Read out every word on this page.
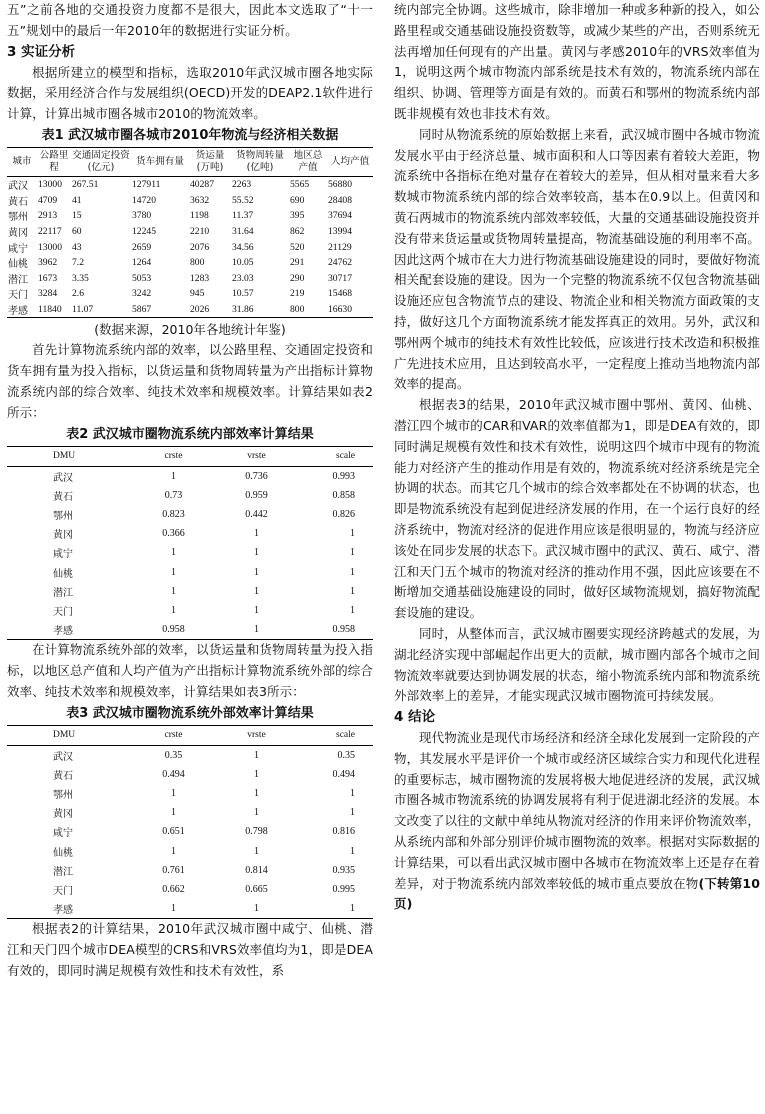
五”之前各地的交通投资力度都不是很大，因此本文选取了“十一五”规划中的最后一年2010年的数据进行实证分析。

3 实证分析

根据所建立的模型和指标，选取2010年武汉城市圈各地实际数据，采用经济合作与发展组织(OECD)开发的DEAP2.1软件进行计算，计算出城市圈各城市2010的物流效率。

表1 武汉城市圈各城市2010年物流与经济相关数据
城市	公路里程	交通固定投资(亿元)	货车拥有量	货运量(万吨)	货物周转量(亿吨)	地区总产值	人均产值
武汉	13000	267.51	127911	40287	2263	5565	56880
黄石	4709	41	14720	3632	55.52	690	28408
鄂州	2913	15	3780	1198	11.37	395	37694
黄冈	22117	60	12245	2210	31.64	862	13994
咸宁	13000	43	2659	2076	34.56	520	21129
仙桃	3962	7.2	1264	800	10.05	291	24762
潜江	1673	3.35	5053	1283	23.03	290	30717
天门	3284	2.6	3242	945	10.57	219	15468
孝感	11840	11.07	5867	2026	31.86	800	16630
(数据来源，2010年各地统计年鉴)

首先计算物流系统内部的效率，以公路里程、交通固定投资和货车拥有量为投入指标，以货运量和货物周转量为产出指标计算物流系统内部的综合效率、纯技术效率和规模效率。计算结果如表2所示：

表2 武汉城市圈物流系统内部效率计算结果
DMU	crste	vrste	scale
武汉	1	0.736	0.993
黄石	0.73	0.959	0.858
鄂州	0.823	0.442	0.826
黄冈	0.366	1	1
咸宁	1	1	1
仙桃	1	1	1
潜江	1	1	1
天门	1	1	1
孝感	0.958	1	0.958

在计算物流系统外部的效率，以货运量和货物周转量为投入指标，以地区总产值和人均产值为产出指标计算物流系统外部的综合效率、纯技术效率和规模效率，计算结果如表3所示：

表3 武汉城市圈物流系统外部效率计算结果
DMU	crste	vrste	scale
武汉	0.35	1	0.35
黄石	0.494	1	0.494
鄂州	1	1	1
黄冈	1	1	1
咸宁	0.651	0.798	0.816
仙桃	1	1	1
潜江	0.761	0.814	0.935
天门	0.662	0.665	0.995
孝感	1	1	1

根据表2的计算结果，2010年武汉城市圈中咸宁、仙桃、潜江和天门四个城市DEA模型的CRS和VRS效率值均为1，即是DEA有效的，即同时满足规模有效性和技术有效性，系

统内部完全协调。这些城市，除非增加一种或多种新的投入，如公路里程或交通基础设施投资数等，或减少某些的产出，否则系统无法再增加任何现有的产出量。黄冈与孝感2010年的VRS效率值为1，说明这两个城市物流内部系统是技术有效的，物流系统内部在组织、协调、管理等方面是有效的。而黄石和鄂州的物流系统内部既非规模有效也非技术有效。

同时从物流系统的原始数据上来看，武汉城市圈中各城市物流发展水平由于经济总量、城市面积和人口等因素有着较大差距，物流系统中各指标在绝对量存在着较大的差异，但从相对量来看大多数城市物流系统内部的综合效率较高，基本在0.9以上。但黄冈和黄石两城市的物流系统内部效率较低，大量的交通基础设施投资并没有带来货运量或货物周转量提高，物流基础设施的利用率不高。因此这两个城市在大力进行物流基础设施建设的同时，要做好物流相关配套设施的建设。因为一个完整的物流系统不仅包含物流基础设施还应包含物流节点的建设、物流企业和相关物流方面政策的支持，做好这几个方面物流系统才能发挥真正的效用。另外，武汉和鄂州两个城市的纯技术有效性比较低，应该进行技术改造和积极推广先进技术应用，且达到较高水平，一定程度上推动当地物流内部效率的提高。

根据表3的结果，2010年武汉城市圈中鄂州、黄冈、仙桃、潜江四个城市的CAR和VAR的效率值都为1，即是DEA有效的，即同时满足规模有效性和技术有效性，说明这四个城市中现有的物流能力对经济产生的推动作用是有效的，物流系统对经济系统是完全协调的状态。而其它几个城市的综合效率都处在不协调的状态，也即是物流系统没有起到促进经济发展的作用，在一个运行良好的经济系统中，物流对经济的促进作用应该是很明显的，物流与经济应该处在同步发展的状态下。武汉城市圈中的武汉、黄石、咸宁、潜江和天门五个城市的物流对经济的推动作用不强，因此应该要在不断增加交通基础设施建设的同时，做好区域物流规划，搞好物流配套设施的建设。

同时，从整体而言，武汉城市圈要实现经济跨越式的发展，为湖北经济实现中部崛起作出更大的贡献，城市圈内部各个城市之间物流效率就要达到协调发展的状态，缩小物流系统内部和物流系统外部效率上的差异，才能实现武汉城市圈物流可持续发展。

4 结论

现代物流业是现代市场经济和经济全球化发展到一定阶段的产物，其发展水平是评价一个城市或经济区域综合实力和现代化进程的重要标志，城市圈物流的发展将极大地促进经济的发展，武汉城市圈各城市物流系统的协调发展将有利于促进湖北经济的发展。本文改变了以往的文献中单纯从物流对经济的作用来评价物流效率，从系统内部和外部分别评价城市圈物流的效率。根据对实际数据的计算结果，可以看出武汉城市圈中各城市在物流效率上还是存在着差异，对于物流系统内部效率较低的城市重点要放在物(下转第10页)
